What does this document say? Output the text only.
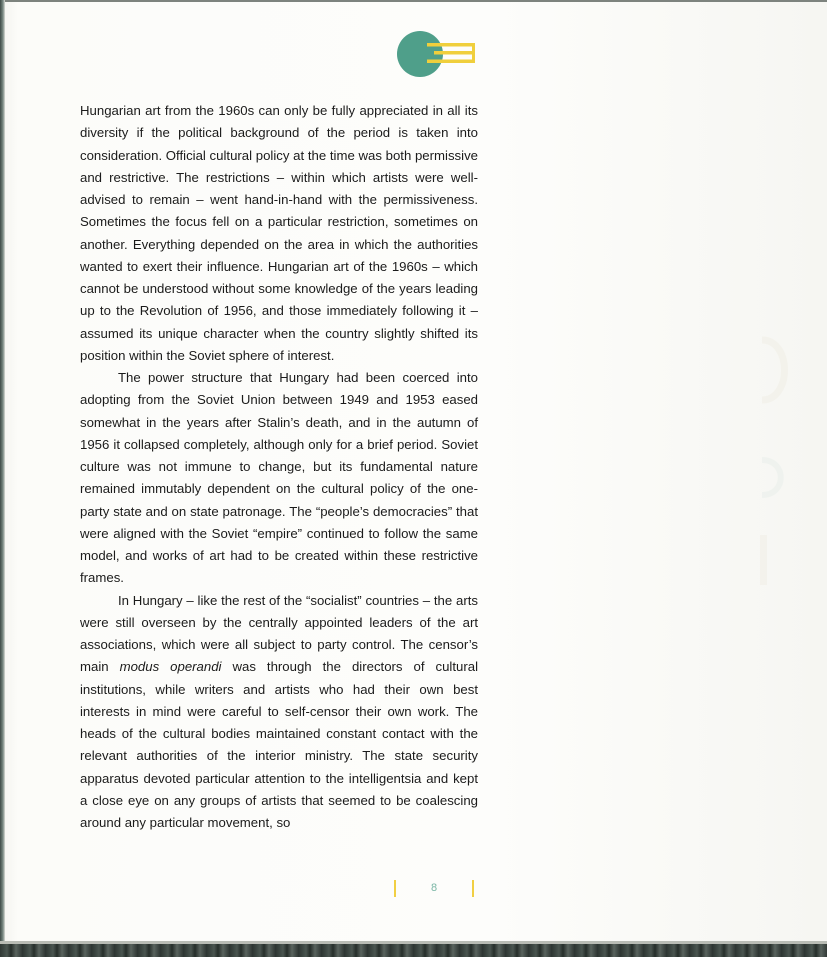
Hungarian art from the 1960s can only be fully appreciated in all its diversity if the political background of the period is taken into consideration. Official cultural policy at the time was both permissive and restrictive. The restrictions – within which artists were well-advised to remain – went hand-in-hand with the permissiveness. Sometimes the focus fell on a particular restriction, sometimes on another. Everything depended on the area in which the authorities wanted to exert their influence. Hungarian art of the 1960s – which cannot be understood without some knowledge of the years leading up to the Revolution of 1956, and those immediately following it – assumed its unique character when the country slightly shifted its position within the Soviet sphere of interest.

The power structure that Hungary had been coerced into adopting from the Soviet Union between 1949 and 1953 eased somewhat in the years after Stalin’s death, and in the autumn of 1956 it collapsed completely, although only for a brief period. Soviet culture was not immune to change, but its fundamental nature remained immutably dependent on the cultural policy of the one-party state and on state patronage. The “people’s democracies” that were aligned with the Soviet “empire” continued to follow the same model, and works of art had to be created within these restrictive frames.

In Hungary – like the rest of the “socialist” countries – the arts were still overseen by the centrally appointed leaders of the art associations, which were all subject to party control. The censor’s main modus operandi was through the directors of cultural institutions, while writers and artists who had their own best interests in mind were careful to self-censor their own work. The heads of the cultural bodies maintained constant contact with the relevant authorities of the interior ministry. The state security apparatus devoted particular attention to the intelligentsia and kept a close eye on any groups of artists that seemed to be coalescing around any particular movement, so

8
